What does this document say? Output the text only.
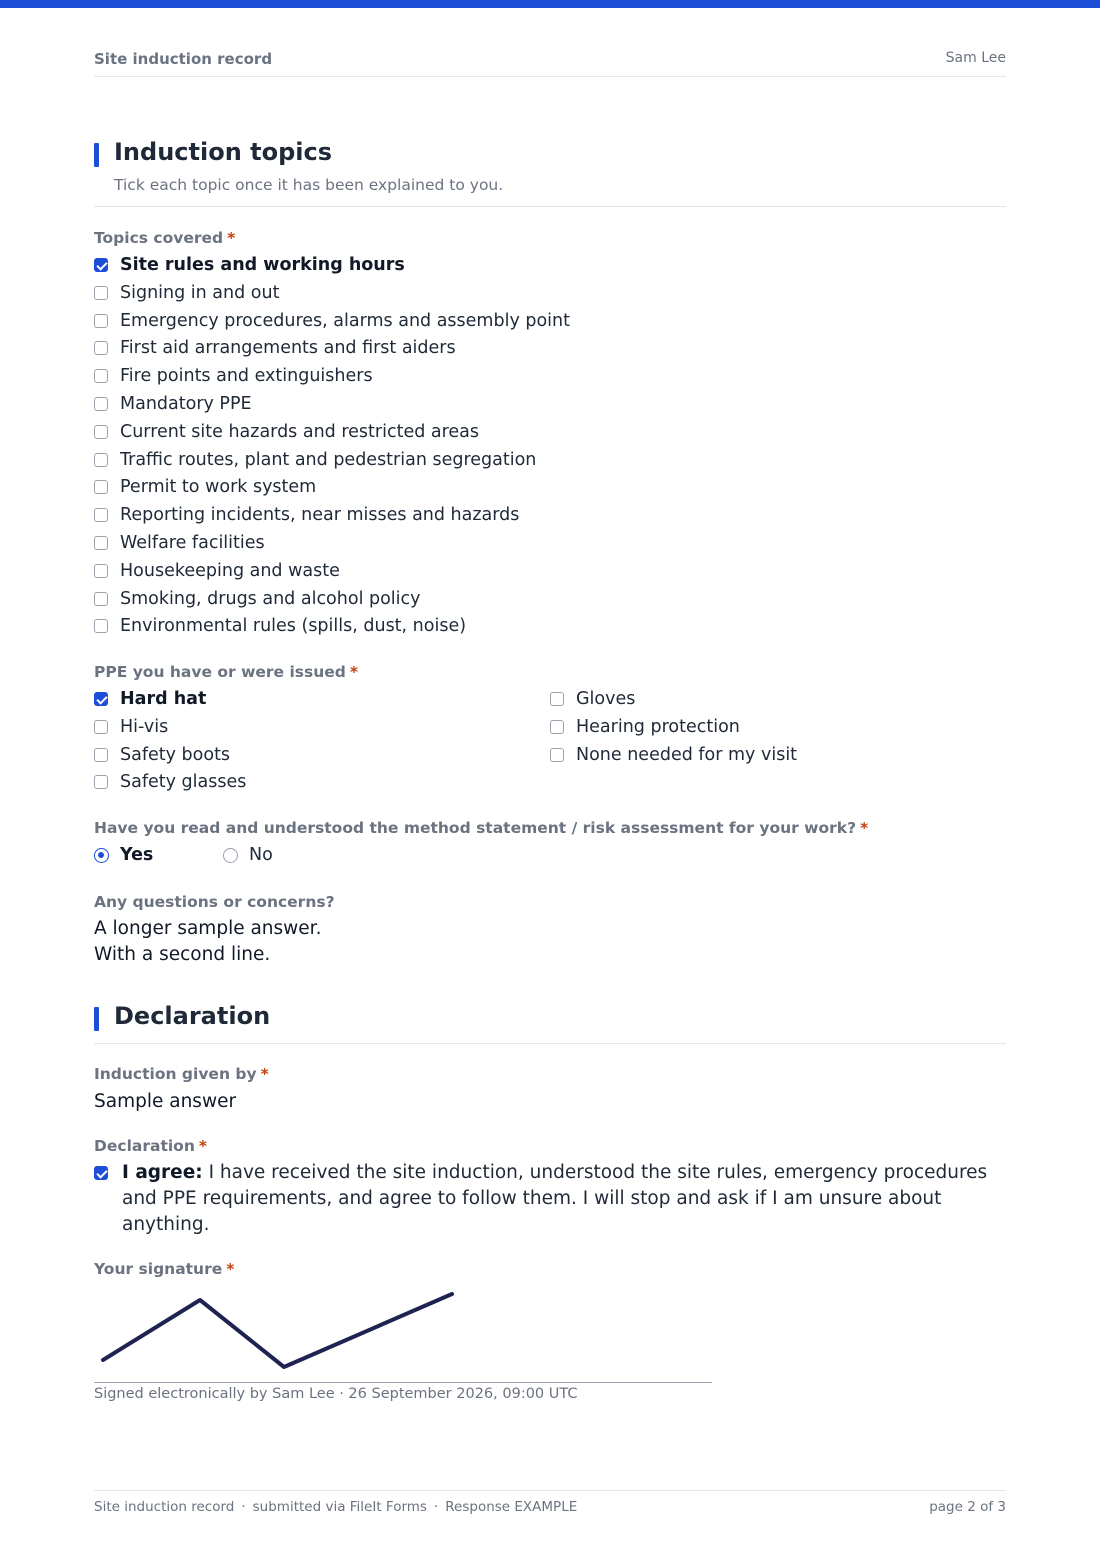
Site induction record	Sam Lee
Induction topics
Tick each topic once it has been explained to you.
Topics covered *
Site rules and working hours
Signing in and out
Emergency procedures, alarms and assembly point
First aid arrangements and first aiders
Fire points and extinguishers
Mandatory PPE
Current site hazards and restricted areas
Traffic routes, plant and pedestrian segregation
Permit to work system
Reporting incidents, near misses and hazards
Welfare facilities
Housekeeping and waste
Smoking, drugs and alcohol policy
Environmental rules (spills, dust, noise)
PPE you have or were issued *
Hard hat
Hi-vis
Safety boots
Safety glasses
Gloves
Hearing protection
None needed for my visit
Have you read and understood the method statement / risk assessment for your work? *
Yes	No
Any questions or concerns?
A longer sample answer.
With a second line.
Declaration
Induction given by *
Sample answer
Declaration *
I agree: I have received the site induction, understood the site rules, emergency procedures and PPE requirements, and agree to follow them. I will stop and ask if I am unsure about anything.
Your signature *
Signed electronically by Sam Lee · 26 September 2026, 09:00 UTC
Site induction record · submitted via FileIt Forms · Response EXAMPLE	page 2 of 3
